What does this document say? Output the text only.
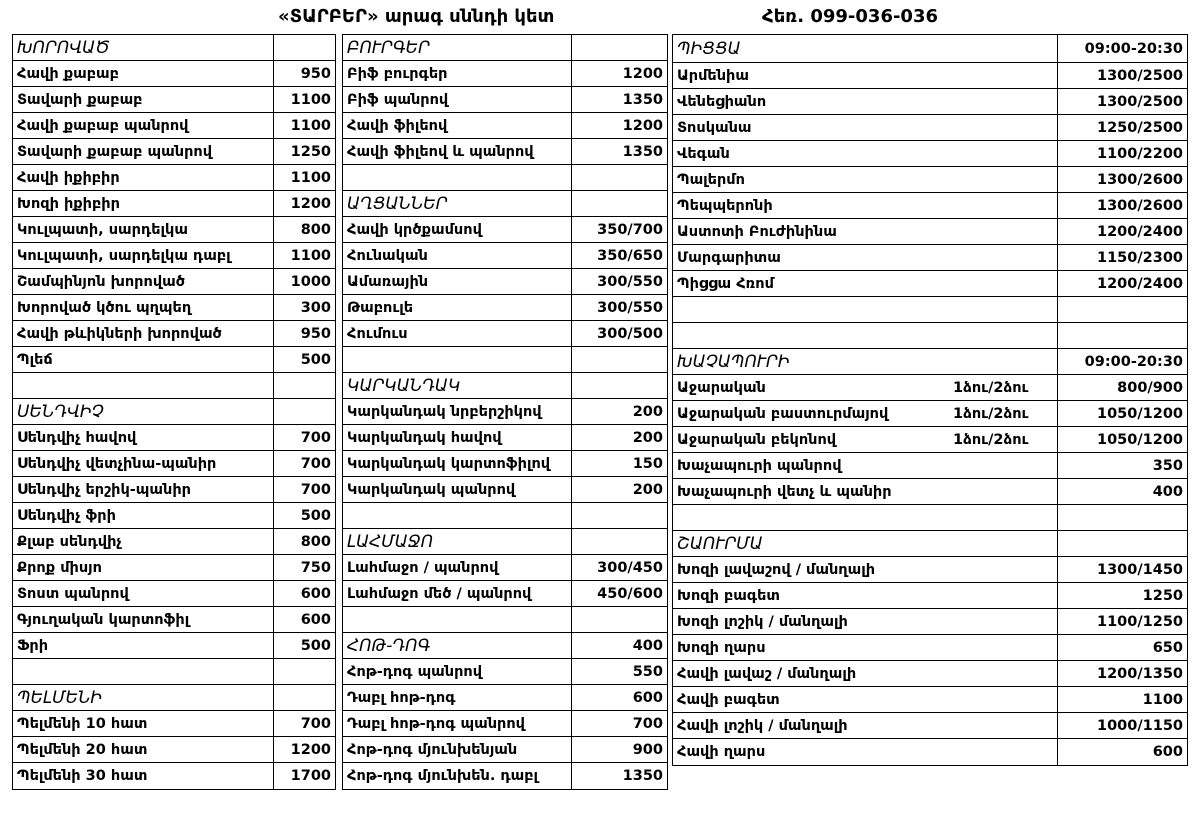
«ՏԱՐԲԵՐ» արագ սննդի կետ	Հեռ. 099-036-036
ԽՈՐՈՎԱԾ
Հավի քաբաբ	950
Տավարի քաբաբ	1100
Հավի քաբաբ պանրով	1100
Տավարի քաբաբ պանրով	1250
Հավի իքիբիր	1100
Խոզի իքիբիր	1200
Կուլպատի, սարդելկա	800
Կուլպատի, սարդելկա դաբլ	1100
Շամպինյոն խորոված	1000
Խորոված կծու պղպեղ	300
Հավի թևիկների խորոված	950
Պլեճ	500
ՍԵՆԴՎԻՉ
Սենդվիչ հավով	700
Սենդվիչ վետչինա-պանիր	700
Սենդվիչ երշիկ-պանիր	700
Սենդվիչ ֆրի	500
Քլաբ սենդվիչ	800
Քրոք միսյո	750
Տոստ պանրով	600
Գյուղական կարտոֆիլ	600
Ֆրի	500
ՊԵԼՄԵՆԻ
Պելմենի 10 հատ	700
Պելմենի 20 հատ	1200
Պելմենի 30 հատ	1700
ԲՈՒՐԳԵՐ
Բիֆ բուրգեր	1200
Բիֆ պանրով	1350
Հավի ֆիլեով	1200
Հավի ֆիլեով և պանրով	1350
ԱՂՑԱՆՆԵՐ
Հավի կրծքամսով	350/700
Հունական	350/650
Ամառային	300/550
Թաբուլե	300/550
Հումուս	300/500
ԿԱՐԿԱՆԴԱԿ
Կարկանդակ նրբերշիկով	200
Կարկանդակ հավով	200
Կարկանդակ կարտոֆիլով	150
Կարկանդակ պանրով	200
ԼԱՀՄԱՋՈ
Լահմաջո / պանրով	300/450
Լահմաջո մեծ / պանրով	450/600
ՀՈԹ-ԴՈԳ	400
Հոթ-դոգ պանրով	550
Դաբլ հոթ-դոգ	600
Դաբլ հոթ-դոգ պանրով	700
Հոթ-դոգ մյունխենյան	900
Հոթ-դոգ մյունխեն. դաբլ	1350
ՊԻՑՑԱ	09:00-20:30
Արմենիա	1300/2500
Վենեցիանո	1300/2500
Տոսկանա	1250/2500
Վեգան	1100/2200
Պալերմո	1300/2600
Պեպպերոնի	1300/2600
Աստոտի Բուժինինա	1200/2400
Մարգարիտա	1150/2300
Պիցցա Հռոմ	1200/2400
ԽԱՉԱՊՈՒՐԻ	09:00-20:30
Աջարական	1ձու/2ձու	800/900
Աջարական բաստուրմայով	1ձու/2ձու	1050/1200
Աջարական բեկոնով	1ձու/2ձու	1050/1200
Խաչապուրի պանրով	350
Խաչապուրի վետչ և պանիր	400
ՇԱՈՒՐՄԱ
Խոզի լավաշով / մանղալի	1300/1450
Խոզի բագետ	1250
Խոզի լոշիկ / մանղալի	1100/1250
Խոզի ղարս	650
Հավի լավաշ / մանղալի	1200/1350
Հավի բագետ	1100
Հավի լոշիկ / մանղալի	1000/1150
Հավի ղարս	600
